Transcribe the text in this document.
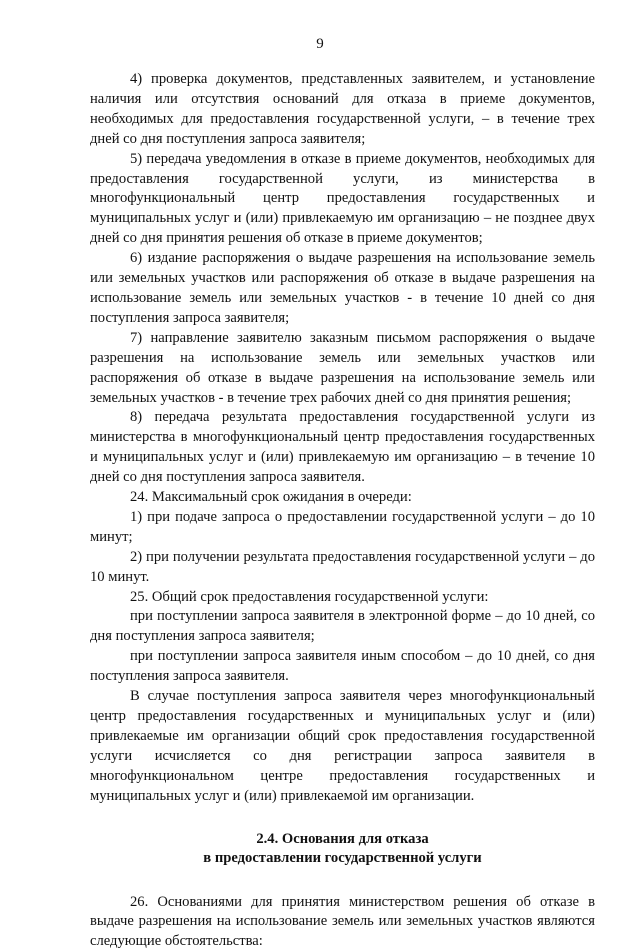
9

4) проверка документов, представленных заявителем, и установление наличия или отсутствия оснований для отказа в приеме документов, необходимых для предоставления государственной услуги, – в течение трех дней со дня поступления запроса заявителя;

5) передача уведомления в отказе в приеме документов, необходимых для предоставления государственной услуги, из министерства в многофункциональный центр предоставления государственных и муниципальных услуг и (или) привлекаемую им организацию – не позднее двух дней со дня принятия решения об отказе в приеме документов;

6) издание распоряжения о выдаче разрешения на использование земель или земельных участков или распоряжения об отказе в выдаче разрешения на использование земель или земельных участков - в течение 10 дней со дня поступления запроса заявителя;

7) направление заявителю заказным письмом распоряжения о выдаче разрешения на использование земель или земельных участков или распоряжения об отказе в выдаче разрешения на использование земель или земельных участков - в течение трех рабочих дней со дня принятия решения;

8) передача результата предоставления государственной услуги из министерства в многофункциональный центр предоставления государственных и муниципальных услуг и (или) привлекаемую им организацию – в течение 10 дней со дня поступления запроса заявителя.

24. Максимальный срок ожидания в очереди:

1) при подаче запроса о предоставлении государственной услуги – до 10 минут;

2) при получении результата предоставления государственной услуги – до 10 минут.

25. Общий срок предоставления государственной услуги:

при поступлении запроса заявителя в электронной форме – до 10 дней, со дня поступления запроса заявителя;

при поступлении запроса заявителя иным способом – до 10 дней, со дня поступления запроса заявителя.

В случае поступления запроса заявителя через многофункциональный центр предоставления государственных и муниципальных услуг и (или) привлекаемые им организации общий срок предоставления государственной услуги исчисляется со дня регистрации запроса заявителя в многофункциональном центре предоставления государственных и муниципальных услуг и (или) привлекаемой им организации.

2.4. Основания для отказа
в предоставлении государственной услуги

26. Основаниями для принятия министерством решения об отказе в выдаче разрешения на использование земель или земельных участков являются следующие обстоятельства:
